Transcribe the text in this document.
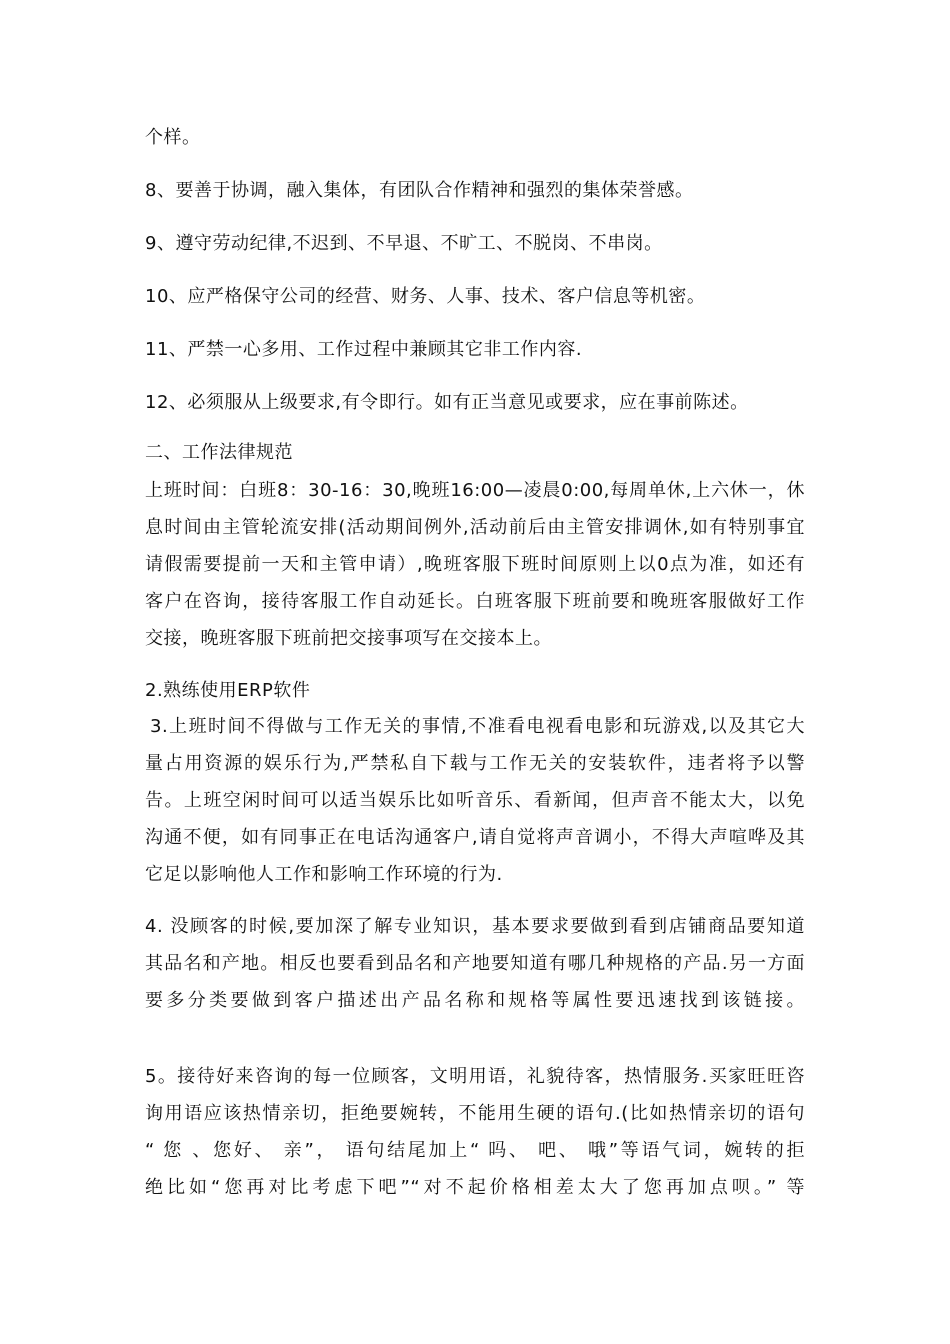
个样。
8、要善于协调，融入集体，有团队合作精神和强烈的集体荣誉感。
9、遵守劳动纪律,不迟到、不早退、不旷工、不脱岗、不串岗。
10、应严格保守公司的经营、财务、人事、技术、客户信息等机密。
11、严禁一心多用、工作过程中兼顾其它非工作内容.
12、必须服从上级要求,有令即行。如有正当意见或要求，应在事前陈述。
二、工作法律规范
上班时间：白班8：30-16：30,晚班16:00—凌晨0:00,每周单休,上六休一，休
息时间由主管轮流安排(活动期间例外,活动前后由主管安排调休,如有特别事宜
请假需要提前一天和主管申请）,晚班客服下班时间原则上以0点为准，如还有
客户在咨询，接待客服工作自动延长。白班客服下班前要和晚班客服做好工作
交接，晚班客服下班前把交接事项写在交接本上。
2.熟练使用ERP软件
3.上班时间不得做与工作无关的事情,不准看电视看电影和玩游戏,以及其它大
量占用资源的娱乐行为,严禁私自下载与工作无关的安装软件，违者将予以警
告。上班空闲时间可以适当娱乐比如听音乐、看新闻，但声音不能太大，以免
沟通不便，如有同事正在电话沟通客户,请自觉将声音调小，不得大声喧哗及其
它足以影响他人工作和影响工作环境的行为.
4. 没顾客的时候,要加深了解专业知识，基本要求要做到看到店铺商品要知道
其品名和产地。相反也要看到品名和产地要知道有哪几种规格的产品.另一方面
要多分类要做到客户描述出产品名称和规格等属性要迅速找到该链接。
5。接待好来咨询的每一位顾客，文明用语，礼貌待客，热情服务.买家旺旺咨
询用语应该热情亲切，拒绝要婉转，不能用生硬的语句.(比如热情亲切的语句
“ 您 、您好、 亲”， 语句结尾加上“ 吗、 吧、 哦”等语气词，婉转的拒
绝比如“您再对比考虑下吧”“对不起价格相差太大了您再加点呗。” 等
